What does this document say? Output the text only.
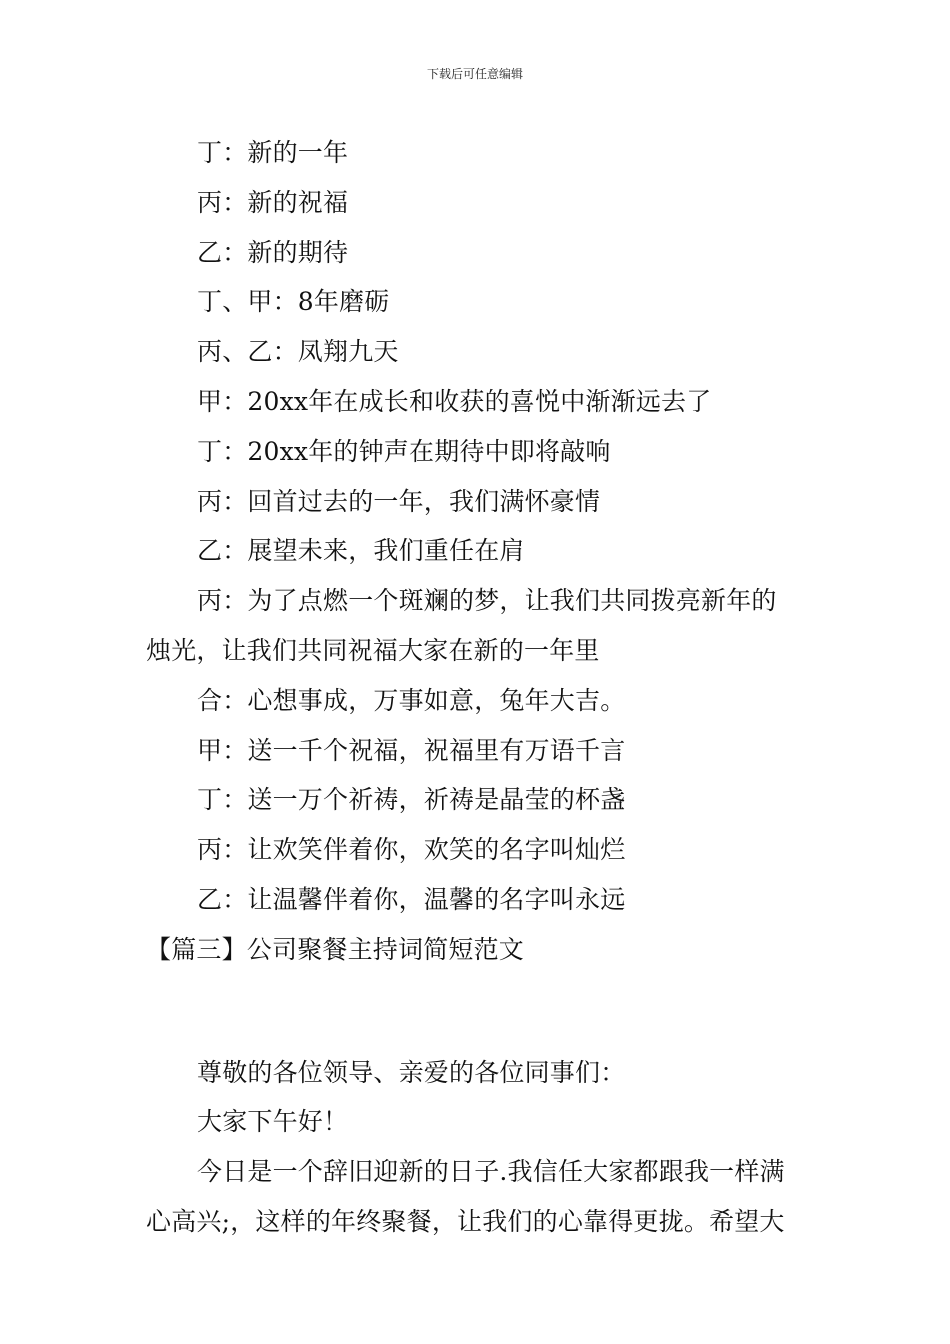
下载后可任意编辑
丁：新的一年
丙：新的祝福
乙：新的期待
丁、甲：8年磨砺
丙、乙：凤翔九天
甲：20xx年在成长和收获的喜悦中渐渐远去了
丁：20xx年的钟声在期待中即将敲响
丙：回首过去的一年，我们满怀豪情
乙：展望未来，我们重任在肩
丙：为了点燃一个斑斓的梦，让我们共同拨亮新年的
烛光，让我们共同祝福大家在新的一年里
合：心想事成，万事如意，兔年大吉。
甲：送一千个祝福，祝福里有万语千言
丁：送一万个祈祷，祈祷是晶莹的杯盏
丙：让欢笑伴着你，欢笑的名字叫灿烂
乙：让温馨伴着你，温馨的名字叫永远
【篇三】公司聚餐主持词简短范文
尊敬的各位领导、亲爱的各位同事们：
大家下午好！
今日是一个辞旧迎新的日子.我信任大家都跟我一样满
心高兴;，这样的年终聚餐，让我们的心靠得更拢。希望大
